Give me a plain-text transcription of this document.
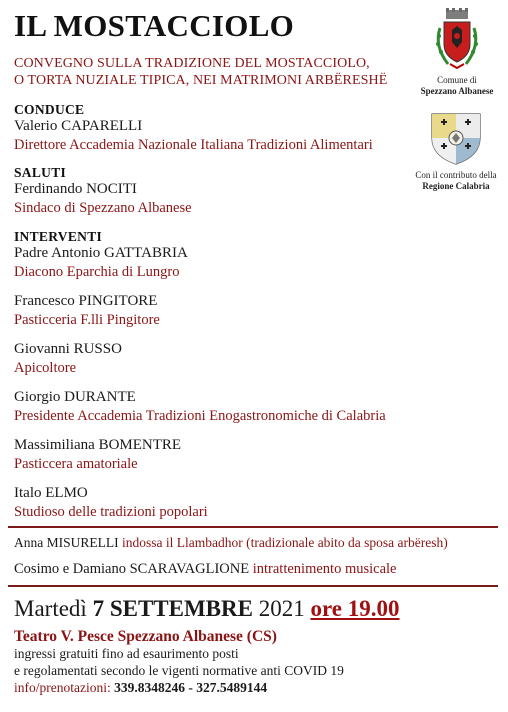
IL MOSTACCIOLO
CONVEGNO SULLA TRADIZIONE DEL MOSTACCIOLO,
O TORTA NUZIALE TIPICA, NEI MATRIMONI ARBËRESHË	Comune di
Spezzano Albanese
Con il contributo della
Regione Calabria
CONDUCE
Valerio CAPARELLI
Direttore Accademia Nazionale Italiana Tradizioni Alimentari
SALUTI
Ferdinando NOCITI
Sindaco di Spezzano Albanese
INTERVENTI
Padre Antonio GATTABRIA
Diacono Eparchia di Lungro
Francesco PINGITORE
Pasticceria F.lli Pingitore
Giovanni RUSSO
Apicoltore
Giorgio DURANTE
Presidente Accademia Tradizioni Enogastronomiche di Calabria
Massimiliana BOMENTRE
Pasticcera amatoriale
Italo ELMO
Studioso delle tradizioni popolari
Anna MISURELLI indossa il Llambadhor (tradizionale abito da sposa arbëresh)
Cosimo e Damiano SCARAVAGLIONE intrattenimento musicale
Martedì 7 SETTEMBRE 2021 ore 19.00
Teatro V. Pesce Spezzano Albanese (CS)
ingressi gratuiti fino ad esaurimento posti
e regolamentati secondo le vigenti normative anti COVID 19
info/prenotazioni: 339.8348246 - 327.5489144
